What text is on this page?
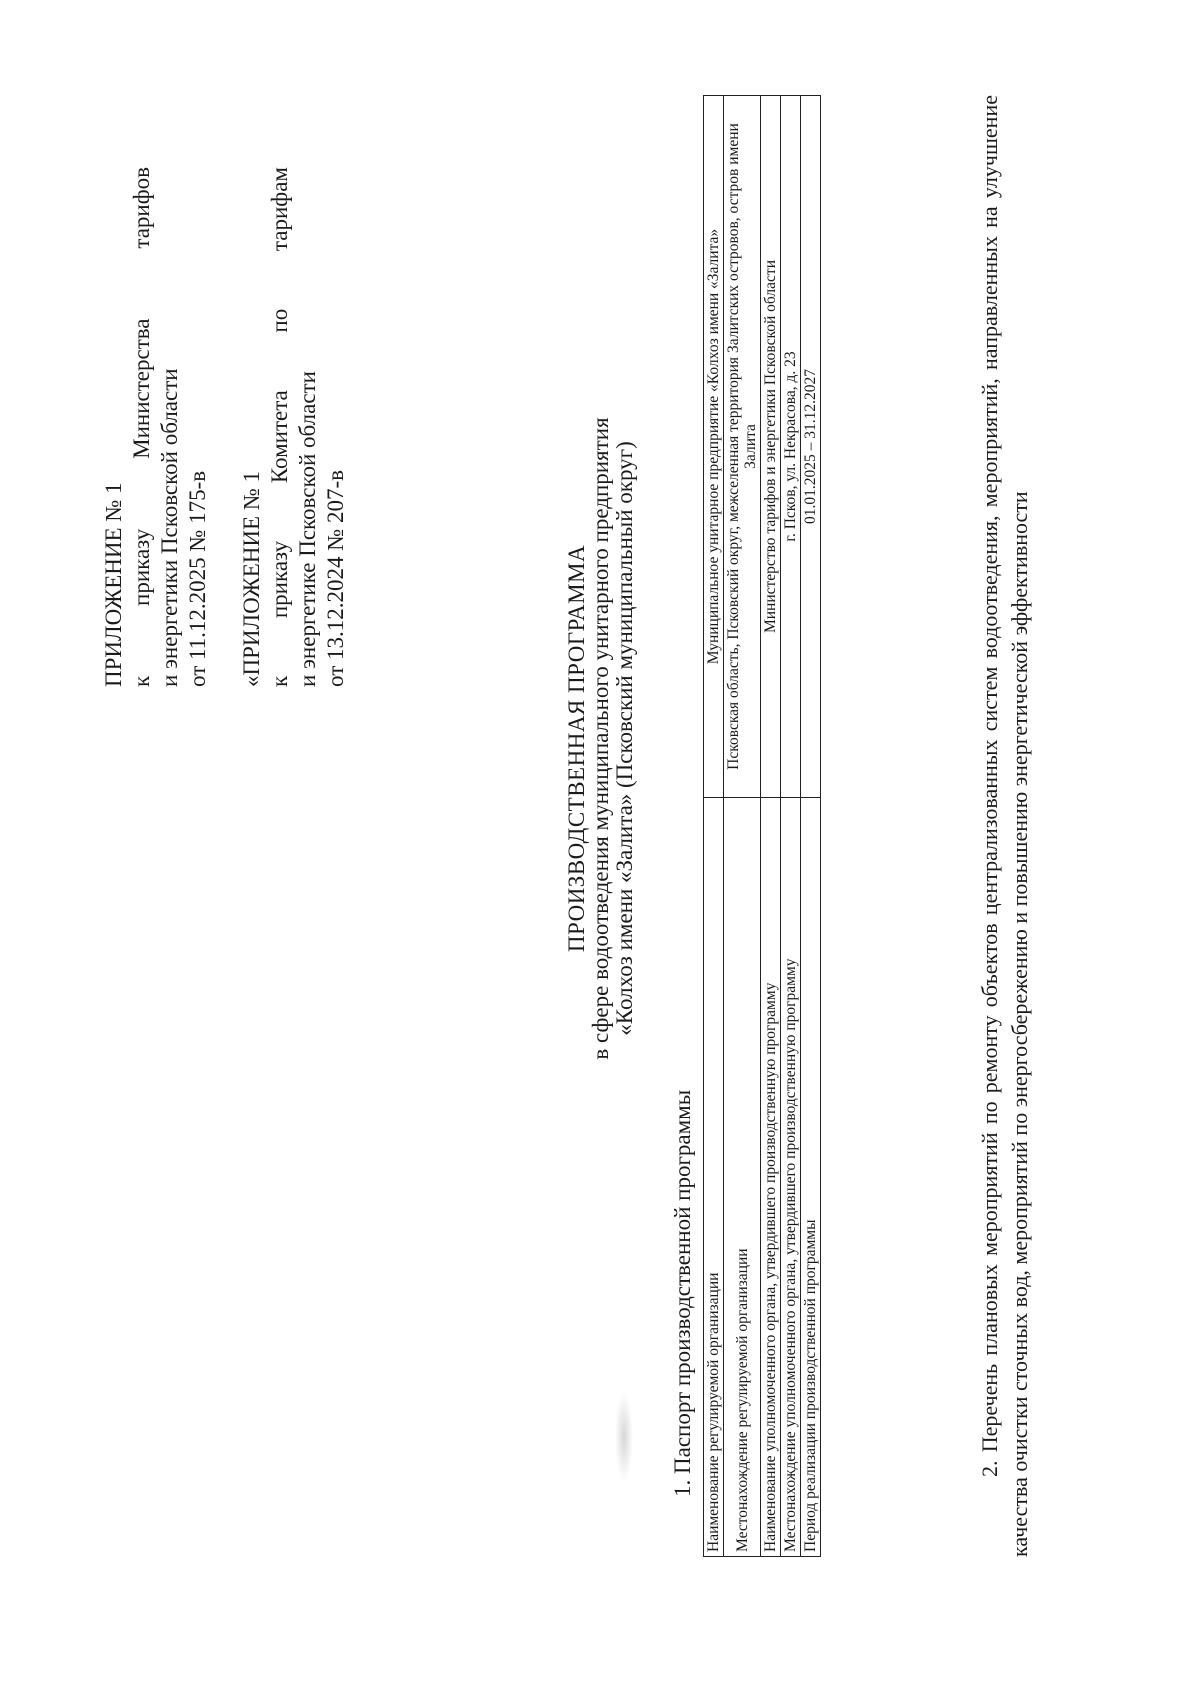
ПРИЛОЖЕНИЕ № 1 к
приказу
Министерства
тарифов
и энергетики Псковской области от 11.12.2025 № 175-в «ПРИЛОЖЕНИЕ № 1 к
приказу
Комитета
по
тарифам
и энергетике Псковской области от 13.12.2024 № 207-в	ПРОИЗВОДСТВЕННАЯ ПРОГРАММА в сфере водоотведения муниципального унитарного предприятия «Колхоз имени «Залита» (Псковский муниципальный округ)
1. Паспорт производственной программы Наименование регулируемой организации	Муниципальное унитарное предприятие «Колхоз имени «Залита»
Местонахождение регулируемой организации	Псковская область, Псковский округ, межселенная территория Залитских островов, остров имени Залита
Наименование уполномоченного органа, утвердившего производственную программу	Министерство тарифов и энергетики Псковской области
Местонахождение уполномоченного органа, утвердившего производственную программу	г. Псков, ул. Некрасова, д. 23
Период реализации производственной программы	01.01.2025 – 31.12.2027	2. Перечень плановых мероприятий по ремонту объектов централизованных систем водоотведения, мероприятий, направленных на улучшение качества очистки сточных вод, мероприятий по энергосбережению и повышению энергетической эффективности
